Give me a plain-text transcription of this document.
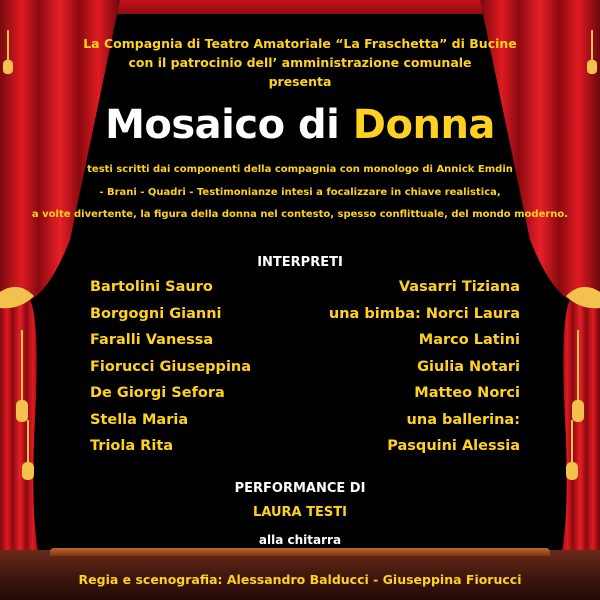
La Compagnia di Teatro Amatoriale “La Fraschetta” di Bucine
con il patrocinio dell’ amministrazione comunale
presenta
Mosaico di Donna
testi scritti dai componenti della compagnia con monologo di Annick Emdin
- Brani - Quadri - Testimonianze intesi a focalizzare in chiave realistica,
a volte divertente, la figura della donna nel contesto, spesso conflittuale, del mondo moderno.
INTERPRETI
Bartolini Sauro
Borgogni Gianni
Faralli Vanessa
Fiorucci Giuseppina
De Giorgi Sefora
Stella Maria
Triola Rita
Vasarri Tiziana
una bimba: Norci Laura
Marco Latini
Giulia Notari
Matteo Norci
una ballerina:
Pasquini Alessia
PERFORMANCE DI
LAURA TESTI
alla chitarra
Regia e scenografia: Alessandro Balducci - Giuseppina Fiorucci
